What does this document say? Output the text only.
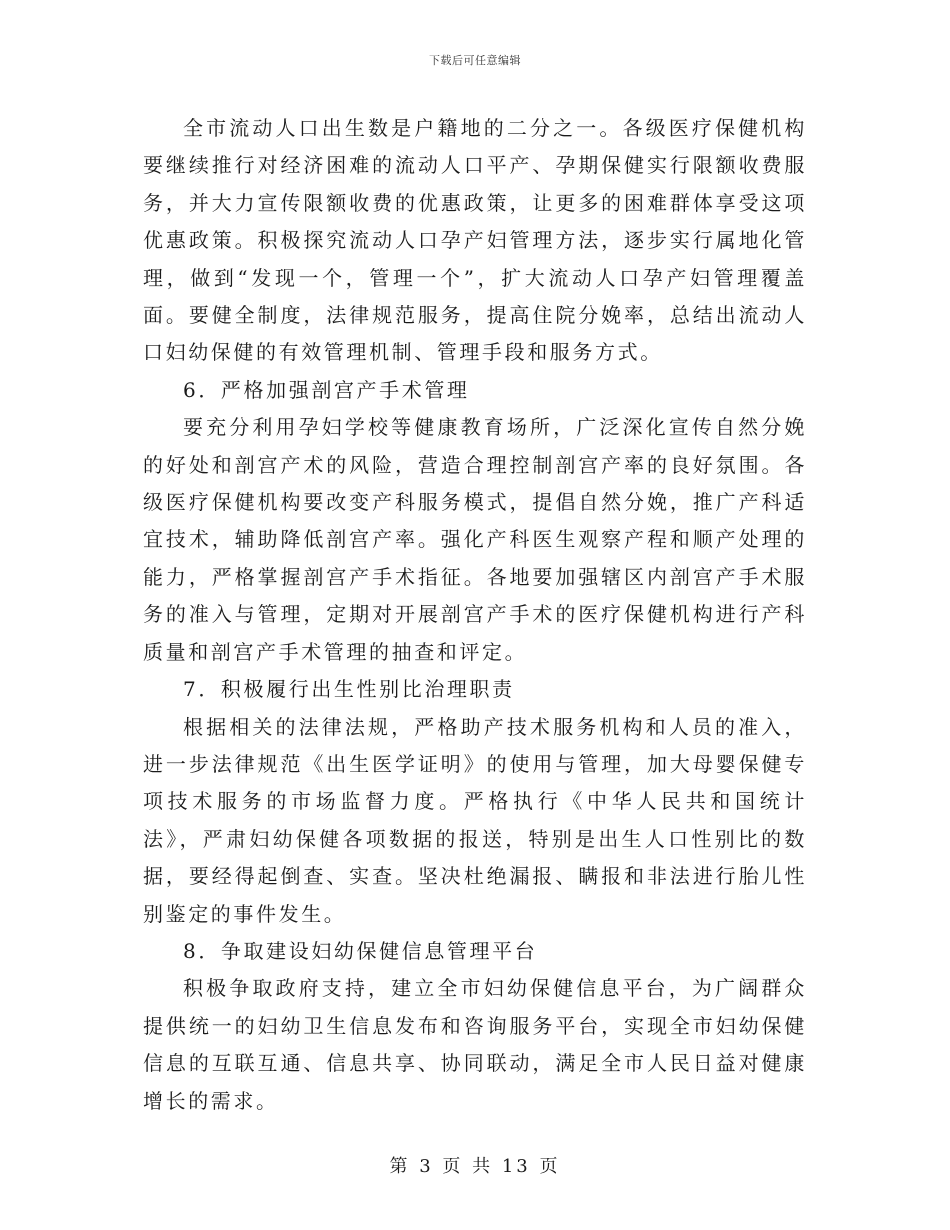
下载后可任意编辑

全市流动人口出生数是户籍地的二分之一。各级医疗保健机构要继续推行对经济困难的流动人口平产、孕期保健实行限额收费服务，并大力宣传限额收费的优惠政策，让更多的困难群体享受这项优惠政策。积极探究流动人口孕产妇管理方法，逐步实行属地化管理，做到“发现一个，管理一个”，扩大流动人口孕产妇管理覆盖面。要健全制度，法律规范服务，提高住院分娩率，总结出流动人口妇幼保健的有效管理机制、管理手段和服务方式。

6．严格加强剖宫产手术管理

要充分利用孕妇学校等健康教育场所，广泛深化宣传自然分娩的好处和剖宫产术的风险，营造合理控制剖宫产率的良好氛围。各级医疗保健机构要改变产科服务模式，提倡自然分娩，推广产科适宜技术，辅助降低剖宫产率。强化产科医生观察产程和顺产处理的能力，严格掌握剖宫产手术指征。各地要加强辖区内剖宫产手术服务的准入与管理，定期对开展剖宫产手术的医疗保健机构进行产科质量和剖宫产手术管理的抽查和评定。

7．积极履行出生性别比治理职责

根据相关的法律法规，严格助产技术服务机构和人员的准入，进一步法律规范《出生医学证明》的使用与管理，加大母婴保健专项技术服务的市场监督力度。严格执行《中华人民共和国统计法》，严肃妇幼保健各项数据的报送，特别是出生人口性别比的数据，要经得起倒查、实查。坚决杜绝漏报、瞒报和非法进行胎儿性别鉴定的事件发生。

8．争取建设妇幼保健信息管理平台

积极争取政府支持，建立全市妇幼保健信息平台，为广阔群众提供统一的妇幼卫生信息发布和咨询服务平台，实现全市妇幼保健信息的互联互通、信息共享、协同联动，满足全市人民日益对健康增长的需求。

第 3 页 共 13 页
